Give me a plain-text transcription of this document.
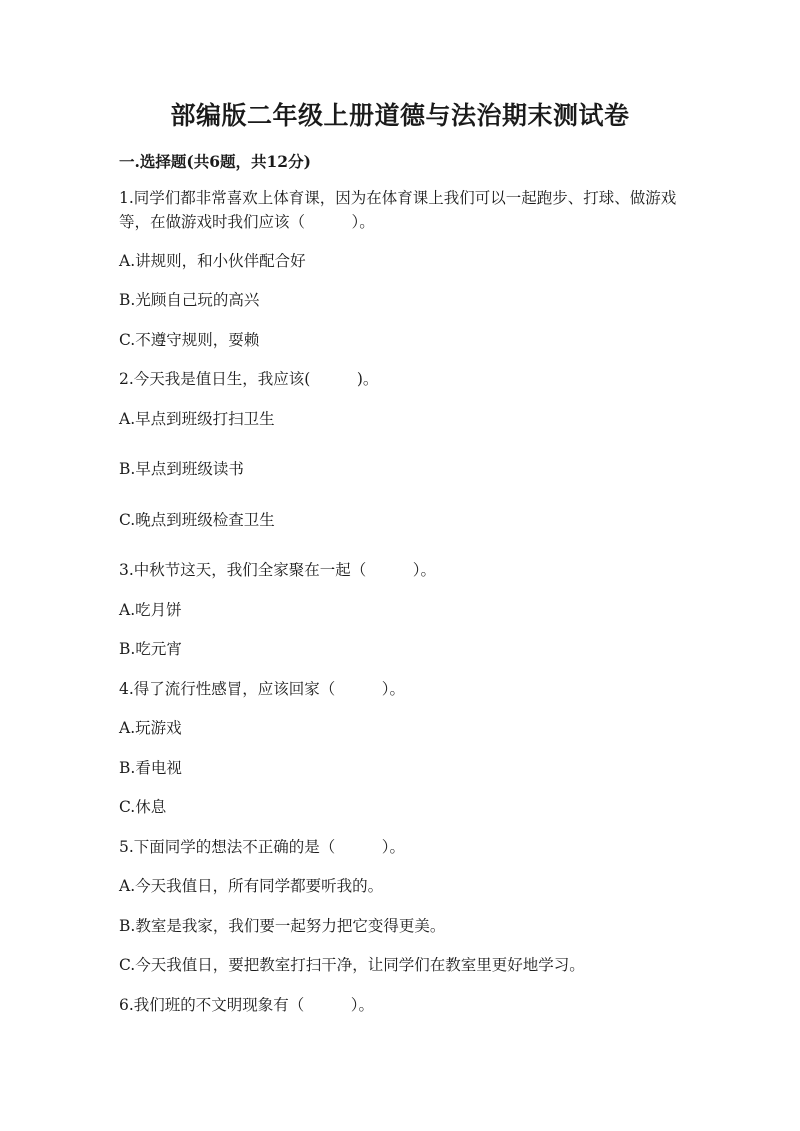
部编版二年级上册道德与法治期末测试卷
一.选择题(共6题，共12分)
1.同学们都非常喜欢上体育课，因为在体育课上我们可以一起跑步、打球、做游戏等，在做游戏时我们应该（　　　）。
A.讲规则，和小伙伴配合好
B.光顾自己玩的高兴
C.不遵守规则，耍赖
2.今天我是值日生，我应该(　　　)。
A.早点到班级打扫卫生
B.早点到班级读书
C.晚点到班级检查卫生
3.中秋节这天，我们全家聚在一起（　　　）。
A.吃月饼
B.吃元宵
4.得了流行性感冒，应该回家（　　　）。
A.玩游戏
B.看电视
C.休息
5.下面同学的想法不正确的是（　　　）。
A.今天我值日，所有同学都要听我的。
B.教室是我家，我们要一起努力把它变得更美。
C.今天我值日，要把教室打扫干净，让同学们在教室里更好地学习。
6.我们班的不文明现象有（　　　）。
